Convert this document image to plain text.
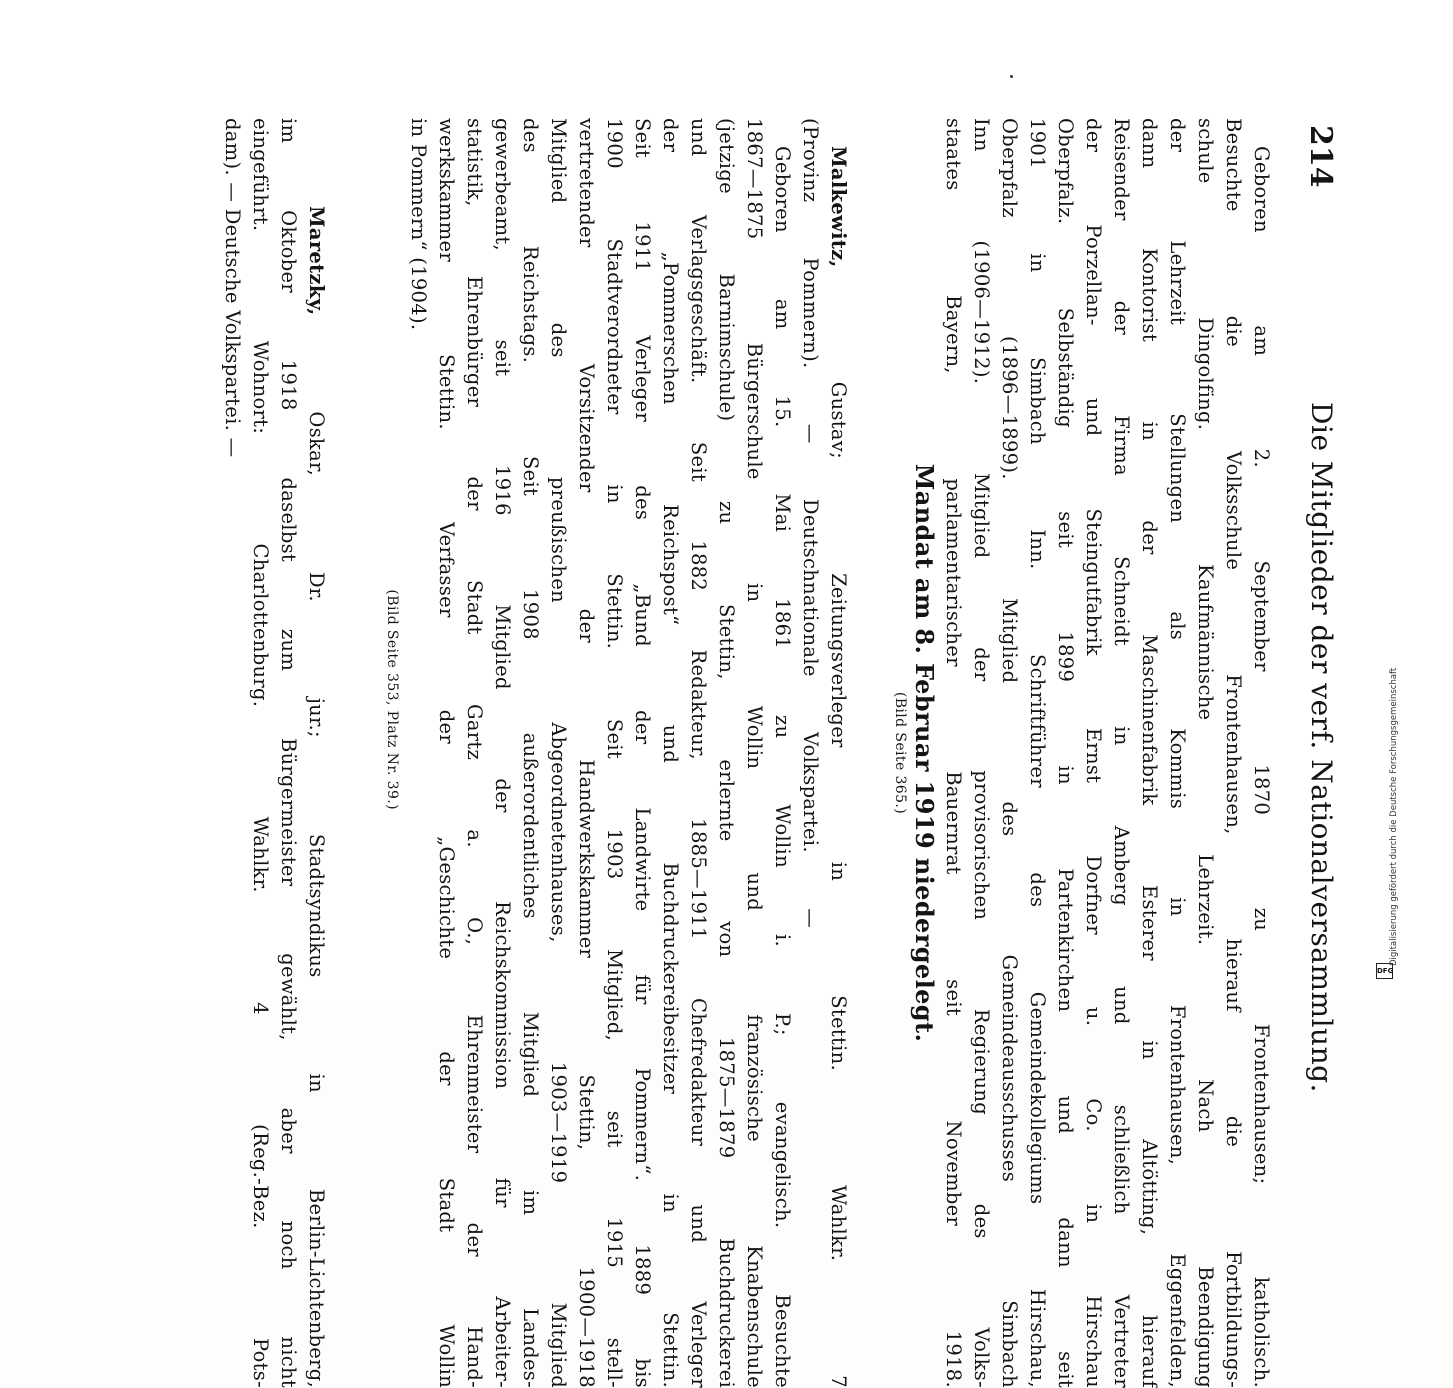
214
Die Mitglieder der verf. Nationalversammlung.
Geboren am 2. September 1870 zu Frontenhausen; katholisch.
Besuchte die Volksschule Frontenhausen, hierauf die Fortbildungs-
schule Dingolfing. Kaufmännische Lehrzeit. Nach Beendigung
der Lehrzeit Stellungen als Kommis in Frontenhausen, Eggenfelden,
dann Kontorist in der Maschinenfabrik Esterer in Altötting, hierauf
Reisender der Firma Schneidt in Amberg und schließlich Vertreter
der Porzellan- und Steingutfabrik Ernst Dorfner u. Co. in Hirschau
Oberpfalz. Selbständig seit 1899 in Partenkirchen und dann seit
1901 in Simbach Inn. Schriftführer des Gemeindekollegiums Hirschau,
Oberpfalz (1896—1899). Mitglied des Gemeindeausschusses Simbach
Inn (1906—1912). Mitglied der provisorischen Regierung des Volks-
staates Bayern, parlamentarischer Bauernrat seit November 1918.
Mandat am 8. Februar 1919 niedergelegt.
(Bild Seite 365.)
Malkewitz, Gustav; Zeitungsverleger in Stettin. Wahlkr. 7
(Provinz Pommern). — Deutschnationale Volkspartei. —
Geboren am 15. Mai 1861 zu Wollin i. P.; evangelisch. Besuchte
1867—1875 Bürgerschule in Wollin und französische Knabenschule
(jetzige Barnimschule) zu Stettin, erlernte von 1875—1879 Buchdruckerei
und Verlagsgeschäft. Seit 1882 Redakteur, 1885—1911 Chefredakteur und Verleger
der „Pommerschen Reichspost“ und Buchdruckereibesitzer in Stettin.
Seit 1911 Verleger des „Bund der Landwirte für Pommern“. 1889 bis
1900 Stadtverordneter in Stettin. Seit 1903 Mitglied, seit 1915 stell-
vertretender Vorsitzender der Handwerkskammer Stettin, 1900—1918
Mitglied des preußischen Abgeordnetenhauses, 1903—1919 Mitglied
des Reichstags. Seit 1908 außerordentliches Mitglied im Landes-
gewerbeamt, seit 1916 Mitglied der Reichskommission für Arbeiter-
statistik, Ehrenbürger der Stadt Gartz a. O., Ehrenmeister der Hand-
werkskammer Stettin. Verfasser der „Geschichte der Stadt Wollin
in Pommern“ (1904).
(Bild Seite 353, Platz Nr. 39.)
Maretzky, Oskar, Dr. jur.; Stadtsyndikus in Berlin-Lichtenberg,
im Oktober 1918 daselbst zum Bürgermeister gewählt, aber noch nicht
eingeführt. Wohnort: Charlottenburg. Wahlkr. 4 (Reg.-Bez. Pots-
dam). — Deutsche Volkspartei. —
DFG
Digitalisierung gefördert durch die Deutsche Forschungsgemeinschaft
